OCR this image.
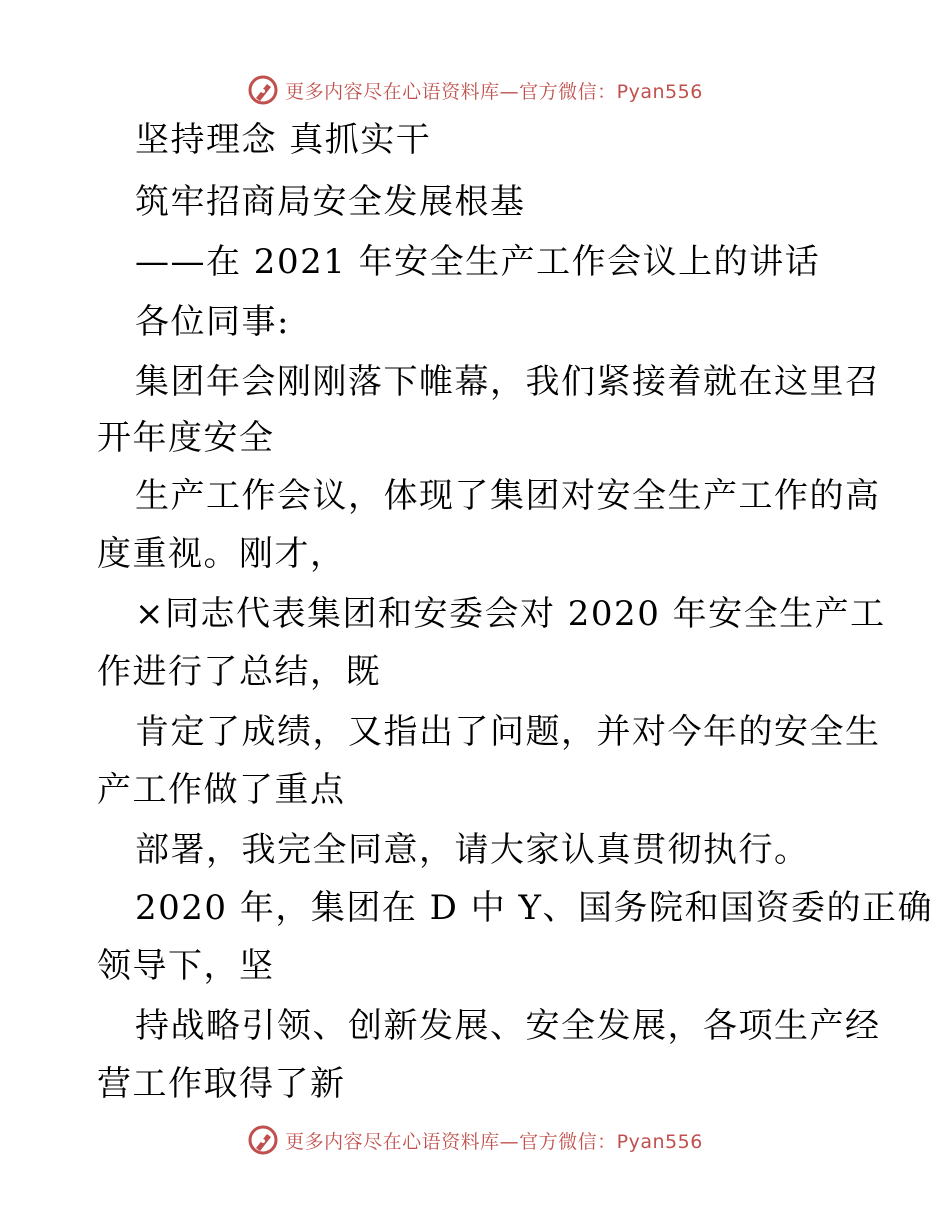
更多内容尽在心语资料库—官方微信：Pyan556
坚持理念 真抓实干
筑牢招商局安全发展根基
——在 2021 年安全生产工作会议上的讲话
各位同事:
集团年会刚刚落下帷幕，我们紧接着就在这里召
开年度安全
生产工作会议，体现了集团对安全生产工作的高
度重视。刚才，
×同志代表集团和安委会对 2020 年安全生产工
作进行了总结，既
肯定了成绩，又指出了问题，并对今年的安全生
产工作做了重点
部署，我完全同意，请大家认真贯彻执行。
2020 年，集团在 D 中 Y、国务院和国资委的正确
领导下，坚
持战略引领、创新发展、安全发展，各项生产经
营工作取得了新
更多内容尽在心语资料库—官方微信：Pyan556
